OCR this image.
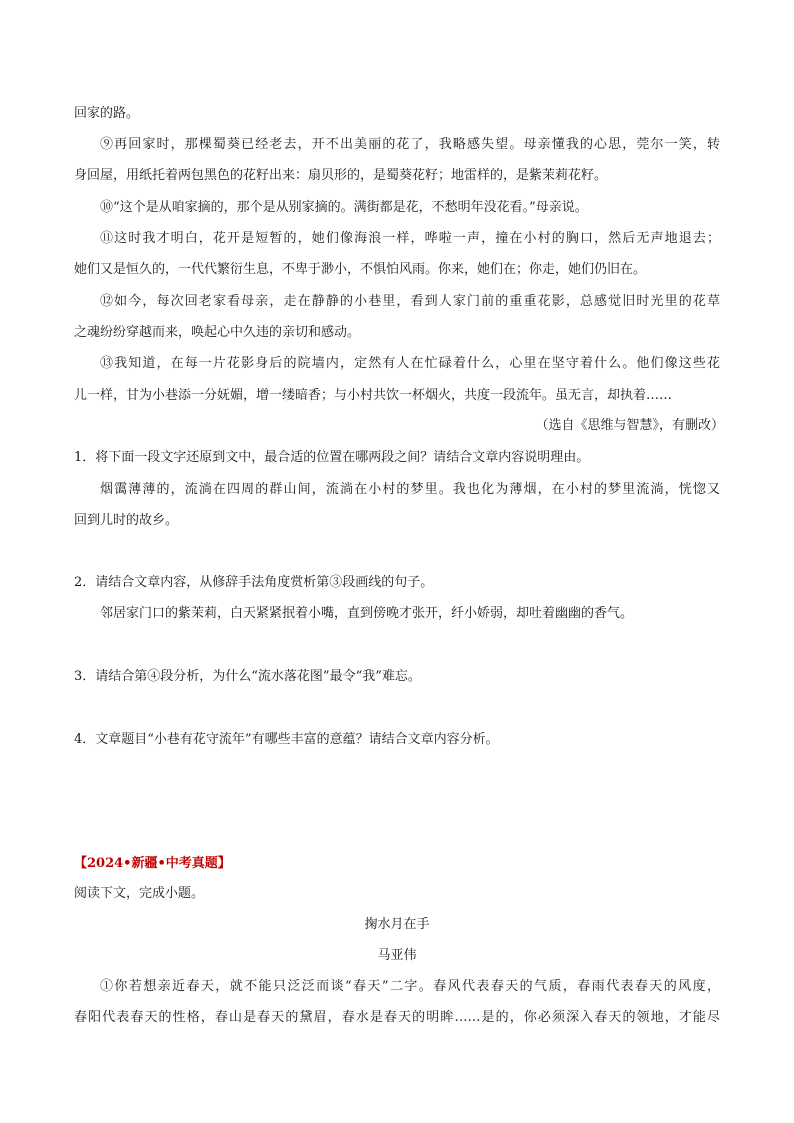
回家的路。
⑨再回家时，那棵蜀葵已经老去，开不出美丽的花了，我略感失望。母亲懂我的心思，莞尔一笑，转
身回屋，用纸托着两包黑色的花籽出来：扇贝形的，是蜀葵花籽；地雷样的，是紫茉莉花籽。
⑩“这个是从咱家摘的，那个是从别家摘的。满街都是花，不愁明年没花看。”母亲说。
⑪这时我才明白，花开是短暂的，她们像海浪一样，哗啦一声，撞在小村的胸口，然后无声地退去；
她们又是恒久的，一代代繁衍生息，不卑于渺小，不惧怕风雨。你来，她们在；你走，她们仍旧在。
⑫如今，每次回老家看母亲，走在静静的小巷里，看到人家门前的重重花影，总感觉旧时光里的花草
之魂纷纷穿越而来，唤起心中久违的亲切和感动。
⑬我知道，在每一片花影身后的院墙内，定然有人在忙碌着什么，心里在坚守着什么。他们像这些花
儿一样，甘为小巷添一分妩媚，增一缕暗香；与小村共饮一杯烟火，共度一段流年。虽无言，却执着……
（选自《思维与智慧》，有删改）
1．将下面一段文字还原到文中，最合适的位置在哪两段之间？请结合文章内容说明理由。
烟霭薄薄的，流淌在四周的群山间，流淌在小村的梦里。我也化为薄烟，在小村的梦里流淌，恍惚又
回到儿时的故乡。
2．请结合文章内容，从修辞手法角度赏析第③段画线的句子。
邻居家门口的紫茉莉，白天紧紧抿着小嘴，直到傍晚才张开，纤小娇弱，却吐着幽幽的香气。
3．请结合第④段分析，为什么“流水落花图”最令“我”难忘。
4．文章题目“小巷有花守流年”有哪些丰富的意蕴？请结合文章内容分析。
【2024•新疆•中考真题】
阅读下文，完成小题。
掬水月在手
马亚伟
①你若想亲近春天，就不能只泛泛而谈“春天”二字。春风代表春天的气质，春雨代表春天的风度，
春阳代表春天的性格，春山是春天的黛眉，春水是春天的明眸……是的，你必须深入春天的领地，才能尽
